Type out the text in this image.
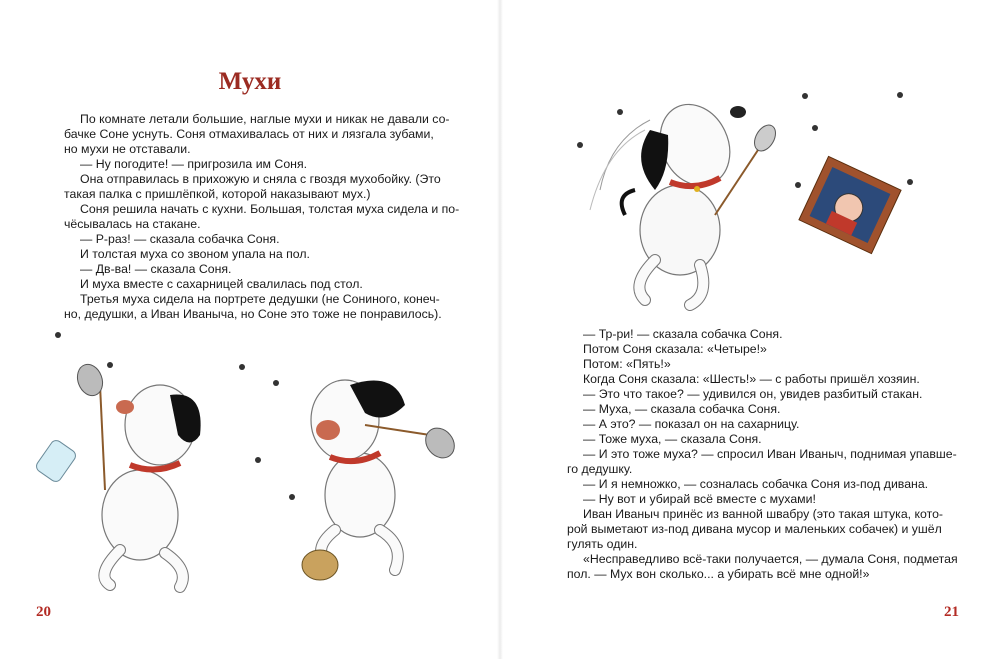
Мухи

По комнате летали большие, наглые мухи и никак не давали со-

бачке Соне уснуть. Соня отмахивалась от них и лязгала зубами,

но мухи не отставали.

— Ну погодите! — пригрозила им Соня.

Она отправилась в прихожую и сняла с гвоздя мухобойку. (Это

такая палка с пришлёпкой, которой наказывают мух.)

Соня решила начать с кухни. Большая, толстая муха сидела и по-

чёсывалась на стакане.

— Р-раз! — сказала собачка Соня.

И толстая муха со звоном упала на пол.

— Дв-ва! — сказала Соня.

И муха вместе с сахарницей свалилась под стол.

Третья муха сидела на портрете дедушки (не Сониного, конеч-

но, дедушки, а Иван Иваныча, но Соне это тоже не понравилось).

— Тр-ри! — сказала собачка Соня.

Потом Соня сказала: «Четыре!»

Потом: «Пять!»

Когда Соня сказала: «Шесть!» — с работы пришёл хозяин.

— Это что такое? — удивился он, увидев разбитый стакан.

— Муха, — сказала собачка Соня.

— А это? — показал он на сахарницу.

— Тоже муха, — сказала Соня.

— И это тоже муха? — спросил Иван Иваныч, поднимая упавше-

го дедушку.

— И я немножко, — созналась собачка Соня из-под дивана.

— Ну вот и убирай всё вместе с мухами!

Иван Иваныч принёс из ванной швабру (это такая штука, кото-

рой выметают из-под дивана мусор и маленьких собачек) и ушёл

гулять один.

«Несправедливо всё-таки получается, — думала Соня, подметая

пол. — Мух вон сколько... а убирать всё мне одной!»

20	21
